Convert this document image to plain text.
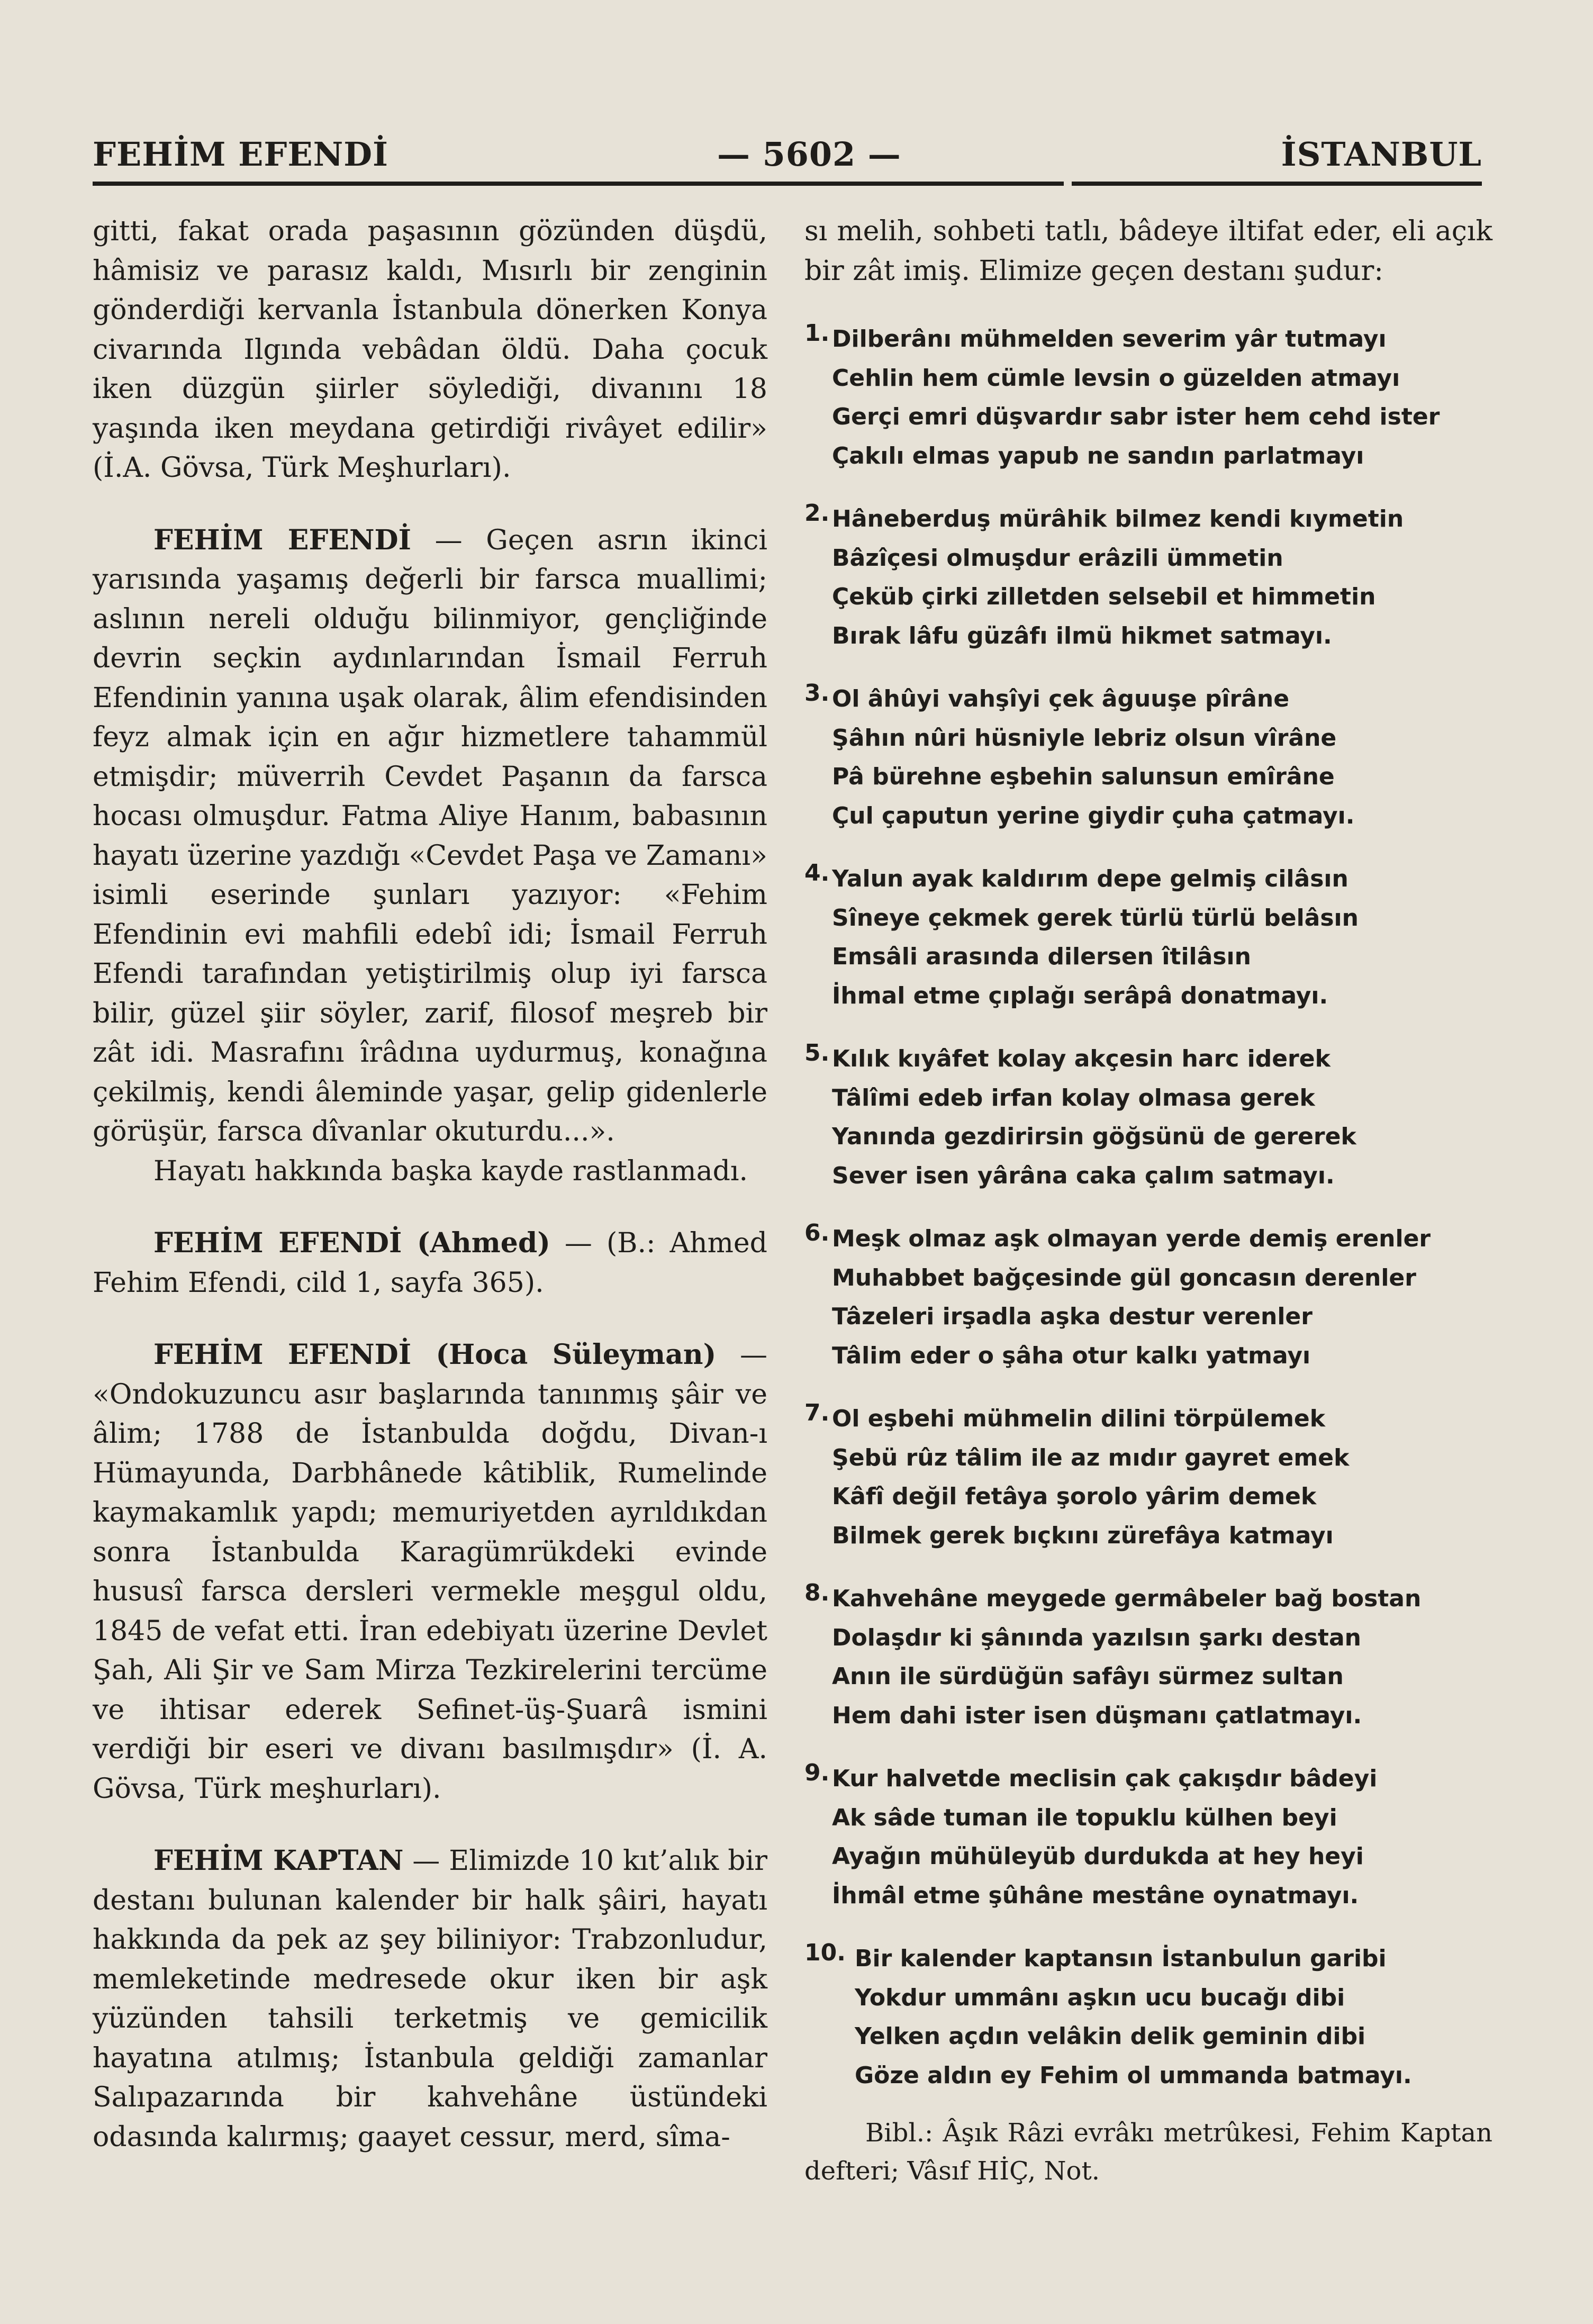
FEHİM EFENDİ	— 5602 —	İSTANBUL

gitti, fakat orada paşasının gözünden düşdü, hâmisiz ve parasız kaldı, Mısırlı bir zenginin gönderdiği kervanla İstanbula dönerken Konya civarında Ilgında vebâdan öldü. Daha çocuk iken düzgün şiirler söylediği, divanını 18 yaşında iken meydana getirdiği rivâyet edilir» (İ.A. Gövsa, Türk Meşhurları).

FEHİM EFENDİ — Geçen asrın ikinci yarısında yaşamış değerli bir farsca muallimi; aslının nereli olduğu bilinmiyor, gençliğinde devrin seçkin aydınlarından İsmail Ferruh Efendinin yanına uşak olarak, âlim efendisinden feyz almak için en ağır hizmetlere tahammül etmişdir; müverrih Cevdet Paşanın da farsca hocası olmuşdur. Fatma Aliye Hanım, babasının hayatı üzerine yazdığı «Cevdet Paşa ve Zamanı» isimli eserinde şunları yazıyor: «Fehim Efendinin evi mahfili edebî idi; İsmail Ferruh Efendi tarafından yetiştirilmiş olup iyi farsca bilir, güzel şiir söyler, zarif, filosof meşreb bir zât idi. Masrafını îrâdına uydurmuş, konağına çekilmiş, kendi âleminde yaşar, gelip gidenlerle görüşür, farsca dîvanlar okuturdu...».

Hayatı hakkında başka kayde rastlanmadı.

FEHİM EFENDİ (Ahmed) — (B.: Ahmed Fehim Efendi, cild 1, sayfa 365).

FEHİM EFENDİ (Hoca Süleyman) — «Ondokuzuncu asır başlarında tanınmış şâir ve âlim; 1788 de İstanbulda doğdu, Divan-ı Hümayunda, Darbhânede kâtiblik, Rumelinde kaymakamlık yapdı; memuriyetden ayrıldıkdan sonra İstanbulda Karagümrükdeki evinde hususî farsca dersleri vermekle meşgul oldu, 1845 de vefat etti. İran edebiyatı üzerine Devlet Şah, Ali Şir ve Sam Mirza Tezkirelerini tercüme ve ihtisar ederek Sefinet-üş-Şuarâ ismini verdiği bir eseri ve divanı basılmışdır» (İ. A. Gövsa, Türk meşhurları).

FEHİM KAPTAN — Elimizde 10 kıt’alık bir destanı bulunan kalender bir halk şâiri, hayatı hakkında da pek az şey biliniyor: Trabzonludur, memleketinde medresede okur iken bir aşk yüzünden tahsili terketmiş ve gemicilik hayatına atılmış; İstanbula geldiği zamanlar Salıpazarında bir kahvehâne üstündeki odasında kalırmış; gaayet cessur, merd, sîma-

sı melih, sohbeti tatlı, bâdeye iltifat eder, eli açık bir zât imiş. Elimize geçen destanı şudur:

1. Dilberânı mühmelden severim yâr tutmayı
Cehlin hem cümle levsin o güzelden atmayı
Gerçi emri düşvardır sabr ister hem cehd ister
Çakılı elmas yapub ne sandın parlatmayı
2. Hâneberduş mürâhik bilmez kendi kıymetin
Bâzîçesi olmuşdur erâzili ümmetin
Çeküb çirki zilletden selsebil et himmetin
Bırak lâfu güzâfı ilmü hikmet satmayı.
3. Ol âhûyi vahşîyi çek âguuşe pîrâne
Şâhın nûri hüsniyle lebriz olsun vîrâne
Pâ bürehne eşbehin salunsun emîrâne
Çul çaputun yerine giydir çuha çatmayı.
4. Yalun ayak kaldırım depe gelmiş cilâsın
Sîneye çekmek gerek türlü türlü belâsın
Emsâli arasında dilersen îtilâsın
İhmal etme çıplağı serâpâ donatmayı.
5. Kılık kıyâfet kolay akçesin harc iderek
Tâlîmi edeb irfan kolay olmasa gerek
Yanında gezdirirsin göğsünü de gererek
Sever isen yârâna caka çalım satmayı.
6. Meşk olmaz aşk olmayan yerde demiş erenler
Muhabbet bağçesinde gül goncasın derenler
Tâzeleri irşadla aşka destur verenler
Tâlim eder o şâha otur kalkı yatmayı
7. Ol eşbehi mühmelin dilini törpülemek
Şebü rûz tâlim ile az mıdır gayret emek
Kâfî değil fetâya şorolo yârim demek
Bilmek gerek bıçkını zürefâya katmayı
8. Kahvehâne meygede germâbeler bağ bostan
Dolaşdır ki şânında yazılsın şarkı destan
Anın ile sürdüğün safâyı sürmez sultan
Hem dahi ister isen düşmanı çatlatmayı.
9. Kur halvetde meclisin çak çakışdır bâdeyi
Ak sâde tuman ile topuklu külhen beyi
Ayağın mühüleyüb durdukda at hey heyi
İhmâl etme şûhâne mestâne oynatmayı.
10. Bir kalender kaptansın İstanbulun garibi
Yokdur ummânı aşkın ucu bucağı dibi
Yelken açdın velâkin delik geminin dibi
Göze aldın ey Fehim ol ummanda batmayı.

Bibl.: Âşık Râzi evrâkı metrûkesi, Fehim Kaptan defteri; Vâsıf HİÇ, Not.
